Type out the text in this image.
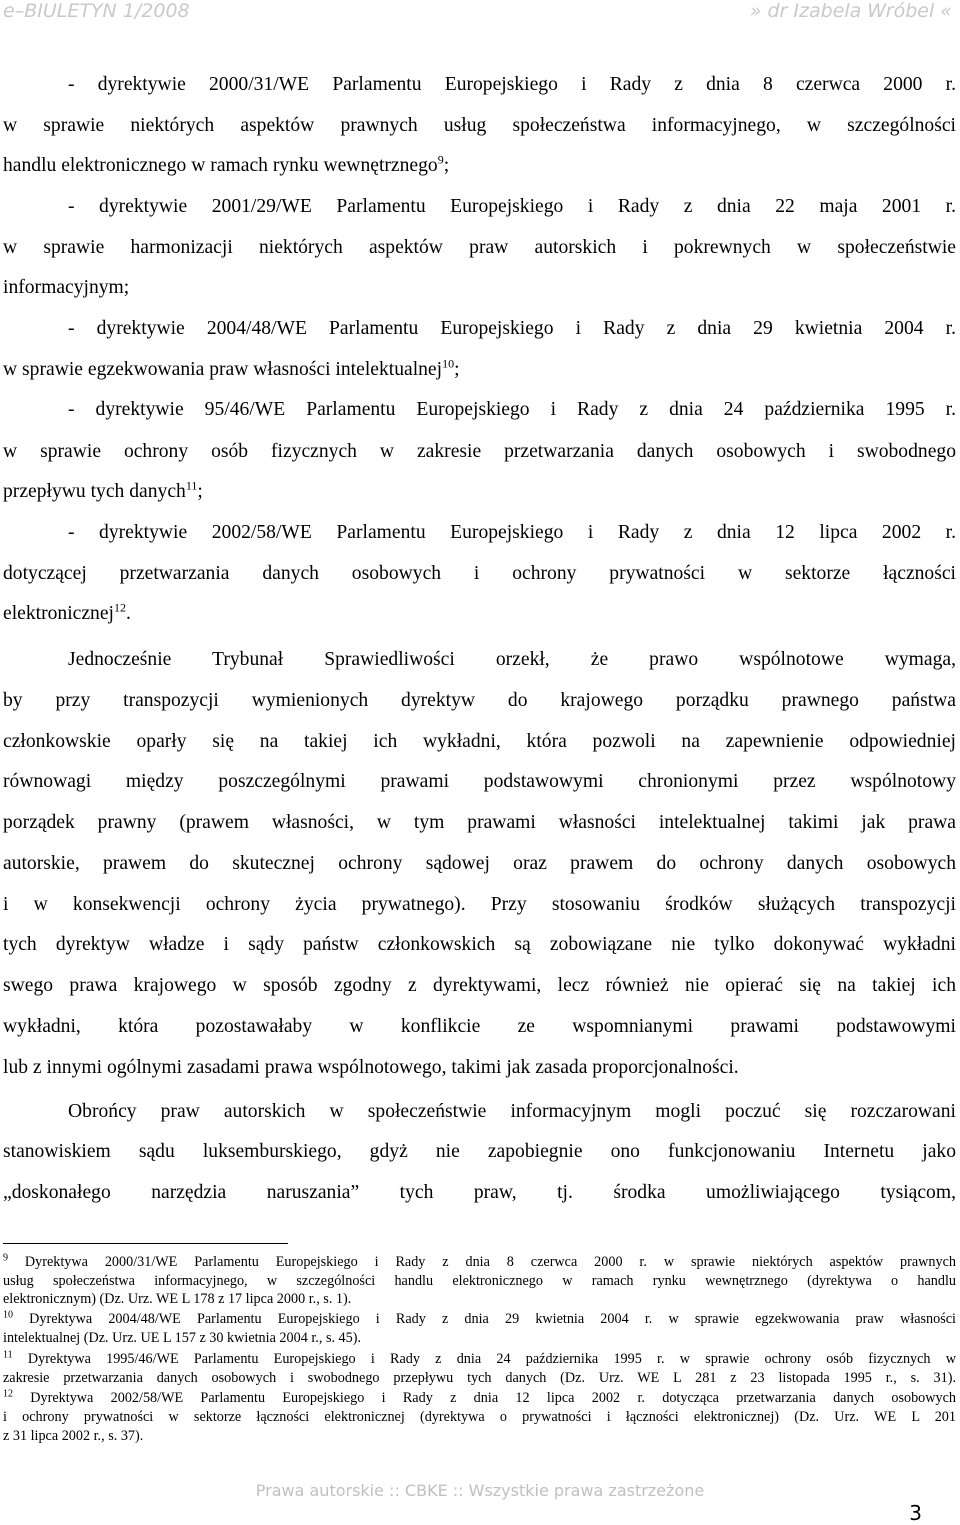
e–BIULETYN 1/2008	» dr Izabela Wróbel «
- dyrektywie 2000/31/WE Parlamentu Europejskiego i Rady z dnia 8 czerwca 2000 r.
w sprawie niektórych aspektów prawnych usług społeczeństwa informacyjnego, w szczególności
handlu elektronicznego w ramach rynku wewnętrznego$^9$;
- dyrektywie 2001/29/WE Parlamentu Europejskiego i Rady z dnia 22 maja 2001 r.
w sprawie harmonizacji niektórych aspektów praw autorskich i pokrewnych w społeczeństwie
informacyjnym;
- dyrektywie 2004/48/WE Parlamentu Europejskiego i Rady z dnia 29 kwietnia 2004 r.
w sprawie egzekwowania praw własności intelektualnej$^{10}$;
- dyrektywie 95/46/WE Parlamentu Europejskiego i Rady z dnia 24 października 1995 r.
w sprawie ochrony osób fizycznych w zakresie przetwarzania danych osobowych i swobodnego
przepływu tych danych$^{11}$;
- dyrektywie 2002/58/WE Parlamentu Europejskiego i Rady z dnia 12 lipca 2002 r.
dotyczącej przetwarzania danych osobowych i ochrony prywatności w sektorze łączności
elektronicznej$^{12}$.
Jednocześnie Trybunał Sprawiedliwości orzekł, że prawo wspólnotowe wymaga,
by przy transpozycji wymienionych dyrektyw do krajowego porządku prawnego państwa
członkowskie oparły się na takiej ich wykładni, która pozwoli na zapewnienie odpowiedniej
równowagi między poszczególnymi prawami podstawowymi chronionymi przez wspólnotowy
porządek prawny (prawem własności, w tym prawami własności intelektualnej takimi jak prawa
autorskie, prawem do skutecznej ochrony sądowej oraz prawem do ochrony danych osobowych
i w konsekwencji ochrony życia prywatnego). Przy stosowaniu środków służących transpozycji
tych dyrektyw władze i sądy państw członkowskich są zobowiązane nie tylko dokonywać wykładni
swego prawa krajowego w sposób zgodny z dyrektywami, lecz również nie opierać się na takiej ich
wykładni, która pozostawałaby w konflikcie ze wspomnianymi prawami podstawowymi
lub z innymi ogólnymi zasadami prawa wspólnotowego, takimi jak zasada proporcjonalności.
Obrońcy praw autorskich w społeczeństwie informacyjnym mogli poczuć się rozczarowani
stanowiskiem sądu luksemburskiego, gdyż nie zapobiegnie ono funkcjonowaniu Internetu jako
„doskonałego narzędzia naruszania” tych praw, tj. środka umożliwiającego tysiącom,
$^9$ Dyrektywa 2000/31/WE Parlamentu Europejskiego i Rady z dnia 8 czerwca 2000 r. w sprawie niektórych aspektów prawnych
usług społeczeństwa informacyjnego, w szczególności handlu elektronicznego w ramach rynku wewnętrznego (dyrektywa o handlu
elektronicznym) (Dz. Urz. WE L 178 z 17 lipca 2000 r., s. 1).
$^{10}$ Dyrektywa 2004/48/WE Parlamentu Europejskiego i Rady z dnia 29 kwietnia 2004 r. w sprawie egzekwowania praw własności
intelektualnej (Dz. Urz. UE L 157 z 30 kwietnia 2004 r., s. 45).
$^{11}$ Dyrektywa 1995/46/WE Parlamentu Europejskiego i Rady z dnia 24 października 1995 r. w sprawie ochrony osób fizycznych w
zakresie przetwarzania danych osobowych i swobodnego przepływu tych danych (Dz. Urz. WE L 281 z 23 listopada 1995 r., s. 31).
$^{12}$ Dyrektywa 2002/58/WE Parlamentu Europejskiego i Rady z dnia 12 lipca 2002 r. dotycząca przetwarzania danych osobowych
i ochrony prywatności w sektorze łączności elektronicznej (dyrektywa o prywatności i łączności elektronicznej) (Dz. Urz. WE L 201
z 31 lipca 2002 r., s. 37).
Prawa autorskie :: CBKE :: Wszystkie prawa zastrzeżone
3
